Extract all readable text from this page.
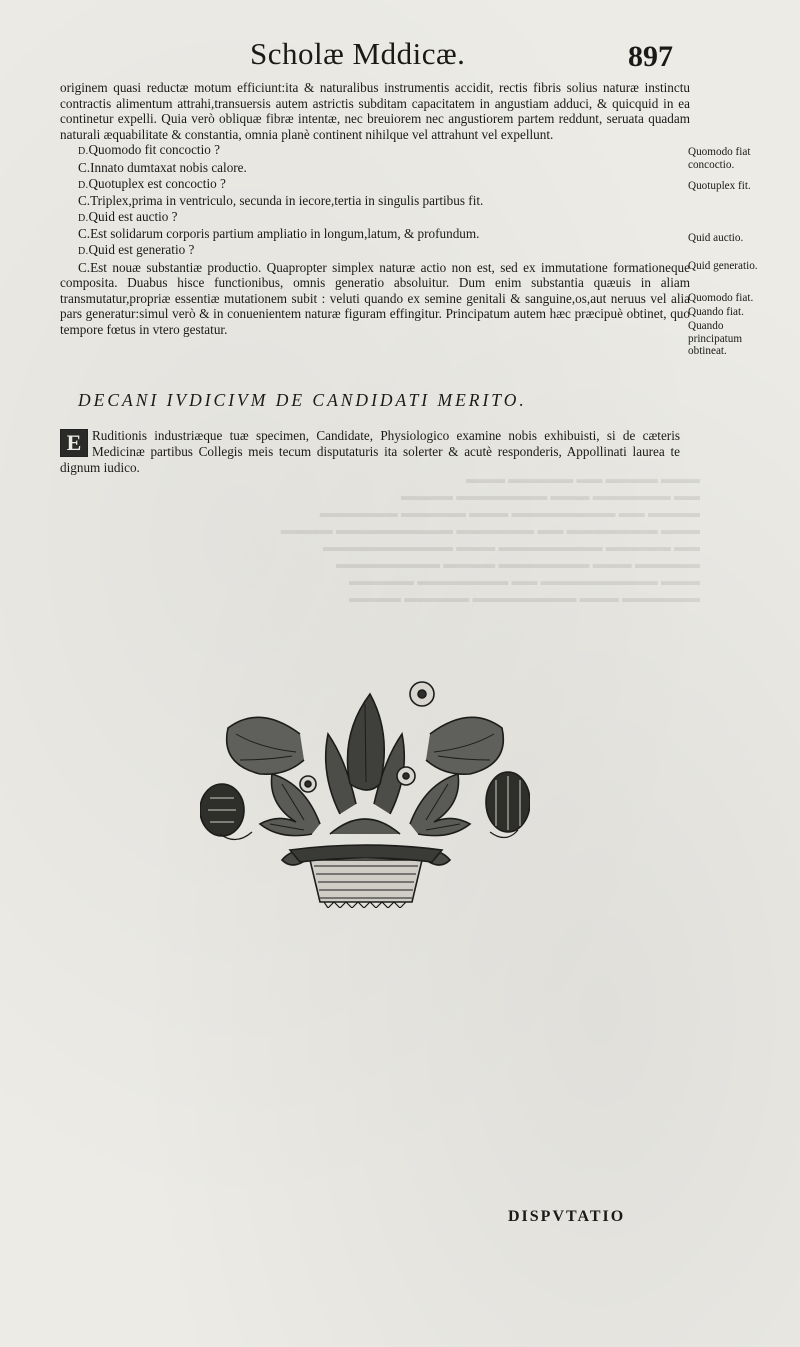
▬▬▬ ▬▬▬▬ ▬▬ ▬▬▬▬▬ ▬▬▬
▬▬ ▬▬▬▬▬▬ ▬▬▬ ▬▬▬▬▬▬▬ ▬▬▬▬
▬▬▬▬ ▬▬ ▬▬▬▬▬▬▬▬ ▬▬▬ ▬▬▬▬▬ ▬▬▬▬▬▬
▬▬▬ ▬▬▬▬▬▬▬ ▬▬ ▬▬▬▬▬▬ ▬▬▬▬▬▬▬▬▬ ▬▬▬▬
▬▬ ▬▬▬▬▬ ▬▬▬▬▬▬▬▬ ▬▬▬ ▬▬▬▬▬▬▬▬▬▬
▬▬▬▬▬ ▬▬▬ ▬▬▬▬▬▬▬ ▬▬▬▬ ▬▬▬▬▬▬▬▬
▬▬▬ ▬▬▬▬▬▬▬▬▬ ▬▬ ▬▬▬▬▬▬▬ ▬▬▬▬▬
▬▬▬▬▬▬ ▬▬▬ ▬▬▬▬▬▬▬▬ ▬▬▬▬▬ ▬▬▬▬
Scholæ Mddicæ.	897

originem quasi reductæ motum efficiunt:ita & naturalibus instrumentis accidit, rectis fibris solius naturæ instinctu contractis alimentum attrahi,transuersis autem astrictis subditam capacitatem in angustiam adduci, & quicquid in ea continetur expelli. Quia verò obliquæ fibræ intentæ, nec breuiorem nec angustiorem partem reddunt, seruata quadam naturali æquabilitate & constantia, omnia planè continent nihilque vel attrahunt vel expellunt.

D.Quomodo fit concoctio ?

C.Innato dumtaxat nobis calore.

D.Quotuplex est concoctio ?

C.Triplex,prima in ventriculo, secunda in iecore,tertia in singulis partibus fit.

D.Quid est auctio ?

C.Est solidarum corporis partium ampliatio in longum,latum, & profundum.

D.Quid est generatio ?

C.Est nouæ substantiæ productio. Quapropter simplex naturæ actio non est, sed ex immutatione formationeque composita. Duabus hisce functionibus, omnis generatio absoluitur. Dum enim substantia quæuis in aliam transmutatur,propriæ essentiæ mutationem subit : veluti quando ex semine genitali & sanguine,os,aut neruus vel alia pars generatur:simul verò & in conuenientem naturæ figuram effingitur. Principatum autem hæc præcipuè obtinet, quo tempore fœtus in vtero gestatur.

Quomodo fiat concoctio.
Quotuplex fit.
Quid auctio.
Quid generatio.
Quomodo fiat.
Quando fiat.
Quando principatum obtineat.
DECANI IVDICIVM DE CANDIDATI MERITO.
E Ruditionis industriæque tuæ specimen, Candidate, Physiologico examine nobis exhibuisti, si de cæteris Medicinæ partibus Collegis meis tecum disputaturis ita solerter & acutè responderis, Appollinati laurea te dignum iudico.
DISPVTATIO
